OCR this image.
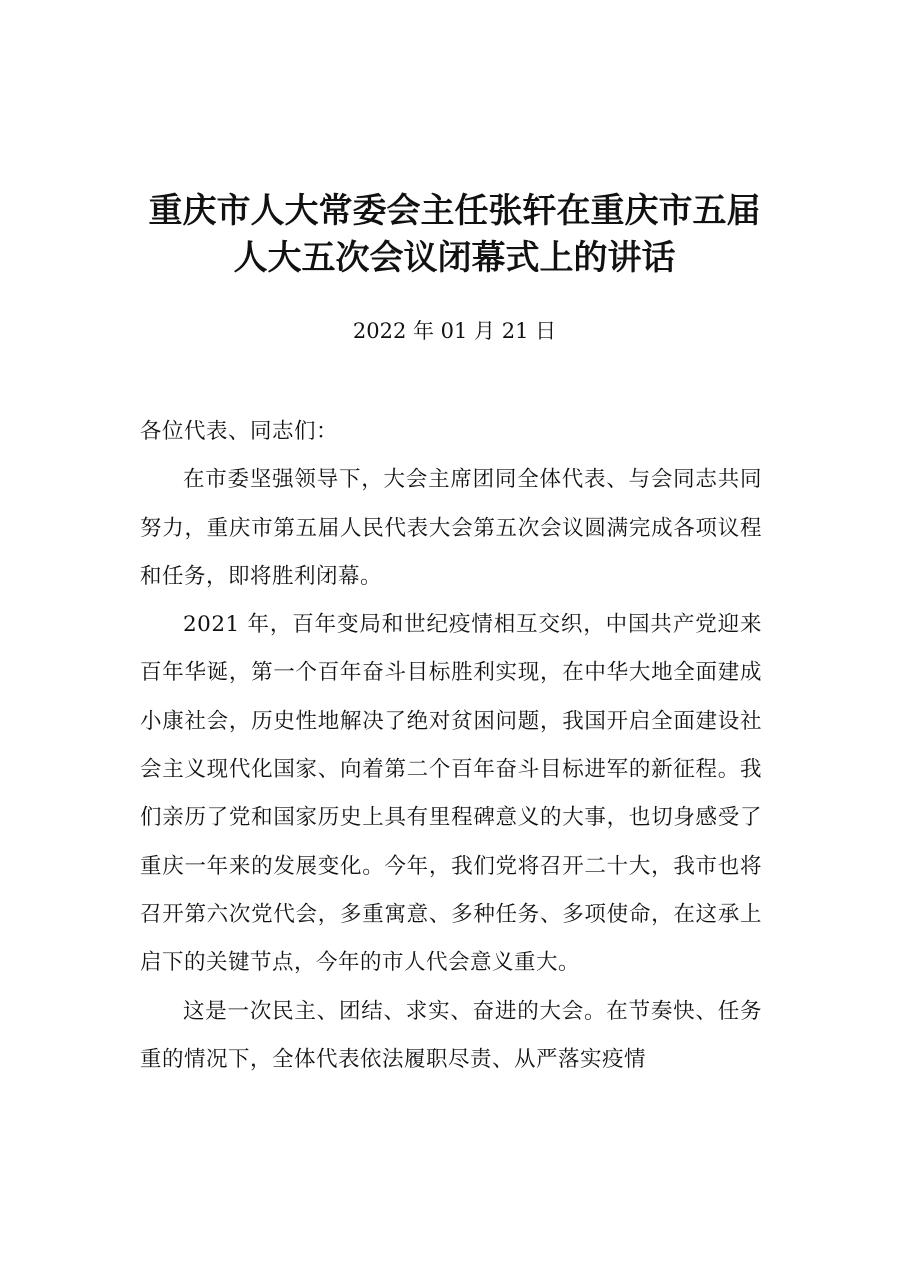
重庆市人大常委会主任张轩在重庆市五届
人大五次会议闭幕式上的讲话
2022 年 01 月 21 日

各位代表、同志们：

在市委坚强领导下，大会主席团同全体代表、与会同志共同努力，重庆市第五届人民代表大会第五次会议圆满完成各项议程和任务，即将胜利闭幕。

2021 年，百年变局和世纪疫情相互交织，中国共产党迎来百年华诞，第一个百年奋斗目标胜利实现，在中华大地全面建成小康社会，历史性地解决了绝对贫困问题，我国开启全面建设社会主义现代化国家、向着第二个百年奋斗目标进军的新征程。我们亲历了党和国家历史上具有里程碑意义的大事，也切身感受了重庆一年来的发展变化。今年，我们党将召开二十大，我市也将召开第六次党代会，多重寓意、多种任务、多项使命，在这承上启下的关键节点，今年的市人代会意义重大。

这是一次民主、团结、求实、奋进的大会。在节奏快、任务重的情况下，全体代表依法履职尽责、从严落实疫情
